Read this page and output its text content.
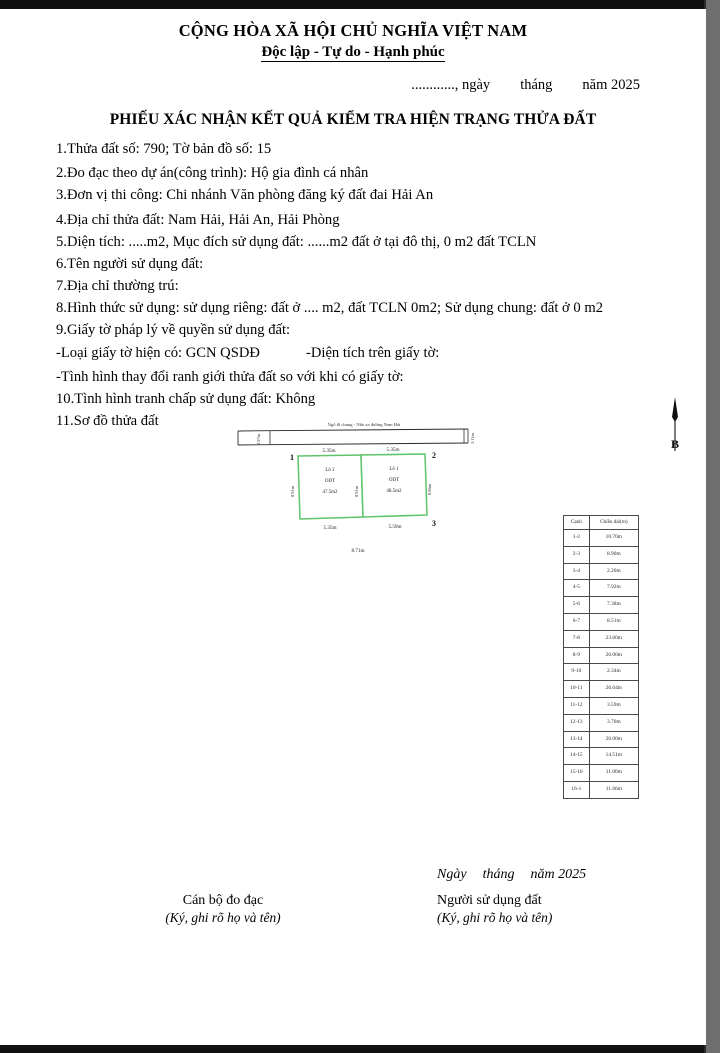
CỘNG HÒA XÃ HỘI CHỦ NGHĨA VIỆT NAM
Độc lập - Tự do - Hạnh phúc
............, ngày tháng năm 2025
PHIẾU XÁC NHẬN KẾT QUẢ KIỂM TRA HIỆN TRẠNG THỬA ĐẤT
1.Thửa đất số: 790; Tờ bản đồ số: 15
2.Đo đạc theo dự án(công trình): Hộ gia đình cá nhân
3.Đơn vị thi công: Chi nhánh Văn phòng đăng ký đất đai Hải An
4.Địa chỉ thửa đất: Nam Hải, Hải An, Hải Phòng
5.Diện tích: .....m2, Mục đích sử dụng đất: ......m2 đất ở tại đô thị, 0 m2 đất TCLN
6.Tên người sử dụng đất:
7.Địa chỉ thường trú:
8.Hình thức sử dụng: sử dụng riêng: đất ở .... m2, đất TCLN 0m2; Sử dụng chung: đất ở 0 m2
9.Giấy tờ pháp lý về quyền sử dụng đất:
-Loại giấy tờ hiện có: GCN QSDĐ	-Diện tích trên giấy tờ:
-Tình hình thay đổi ranh giới thửa đất so với khi có giấy tờ:
10.Tình hình tranh chấp sử dụng đất: Không
11.Sơ đồ thửa đất	Ngõ đi chung - Nhà xa đường Nam Hải
3.97m	3.11m
5.35m	5.35m
1	2
3
Lô 2
ODT
47.5m2
Lô 1
ODT
48.5m2
8.91m	8.91m	8.86m
5.35m	5.59m
8.71m
B
Cạnh	Chiều dài(m)
1-2	10.70m
2-3	8.90m
3-4	2.20m
4-5	7.92m
5-6	7.38m
6-7	8.51m
7-8	23.60m
8-9	20.00m
9-10	2.34m
10-11	26.64m
11-12	3.59m
12-13	3.70m
13-14	20.00m
14-15	14.51m
15-16	11.00m
16-1	11.66m
Ngày tháng năm 2025
Cán bộ đo đạc
(Ký, ghi rõ họ và tên)
Người sử dụng đất
(Ký, ghi rõ họ và tên)
